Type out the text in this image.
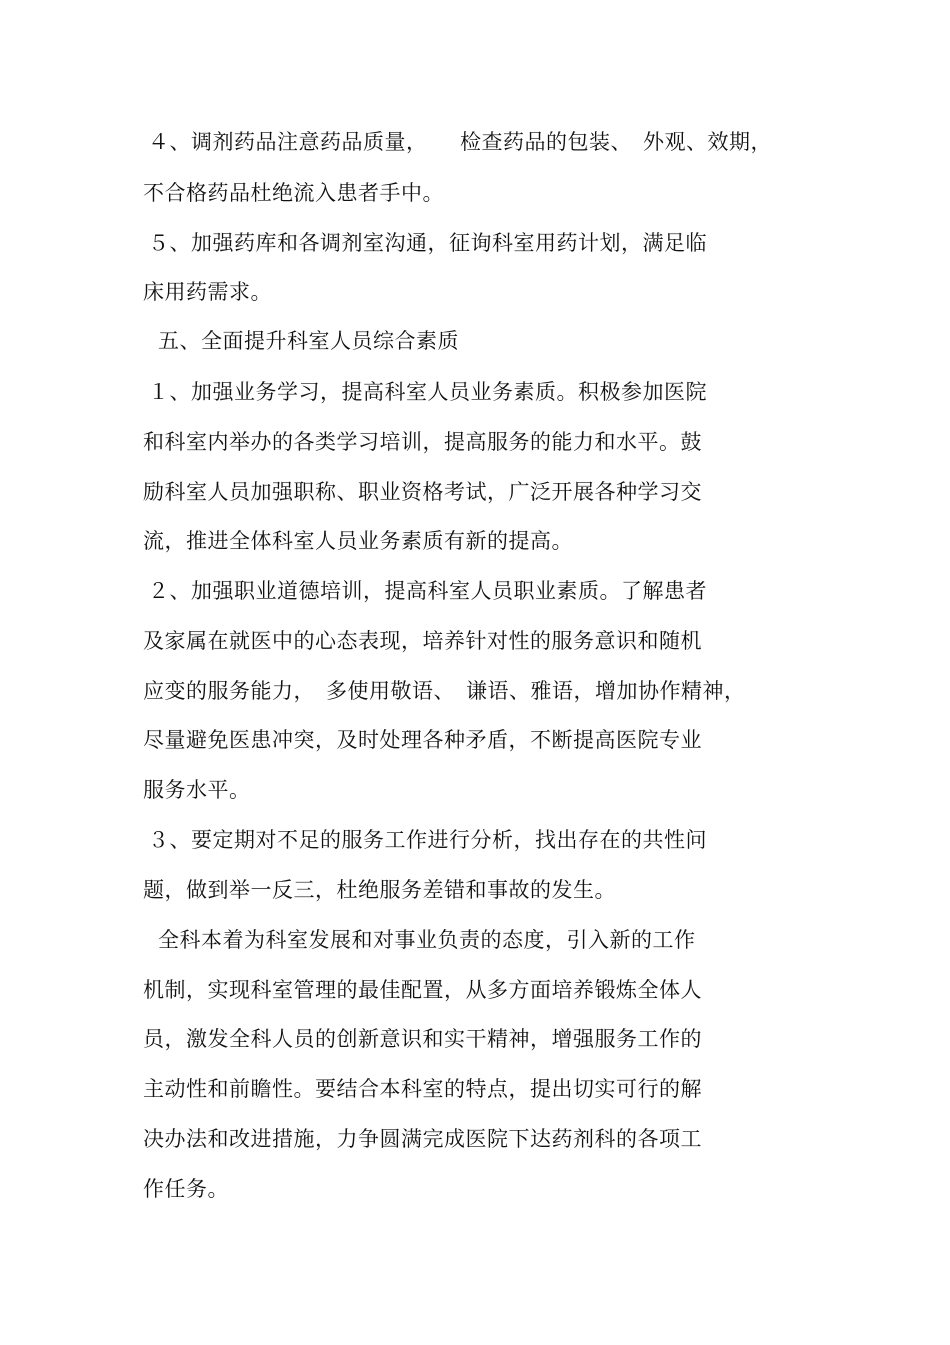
４、调剂药品注意药品质量，　　检查药品的包装、　外观、效期，
不合格药品杜绝流入患者手中。
５、加强药库和各调剂室沟通，征询科室用药计划，满足临
床用药需求。
五、全面提升科室人员综合素质
１、加强业务学习，提高科室人员业务素质。积极参加医院
和科室内举办的各类学习培训，提高服务的能力和水平。鼓
励科室人员加强职称、职业资格考试，广泛开展各种学习交
流，推进全体科室人员业务素质有新的提高。
２、加强职业道德培训，提高科室人员职业素质。了解患者
及家属在就医中的心态表现，培养针对性的服务意识和随机
应变的服务能力，　多使用敬语、　谦语、雅语，增加协作精神，
尽量避免医患冲突，及时处理各种矛盾，不断提高医院专业
服务水平。
３、要定期对不足的服务工作进行分析，找出存在的共性问
题，做到举一反三，杜绝服务差错和事故的发生。
全科本着为科室发展和对事业负责的态度，引入新的工作
机制，实现科室管理的最佳配置，从多方面培养锻炼全体人
员，激发全科人员的创新意识和实干精神，增强服务工作的
主动性和前瞻性。要结合本科室的特点，提出切实可行的解
决办法和改进措施，力争圆满完成医院下达药剂科的各项工
作任务。
